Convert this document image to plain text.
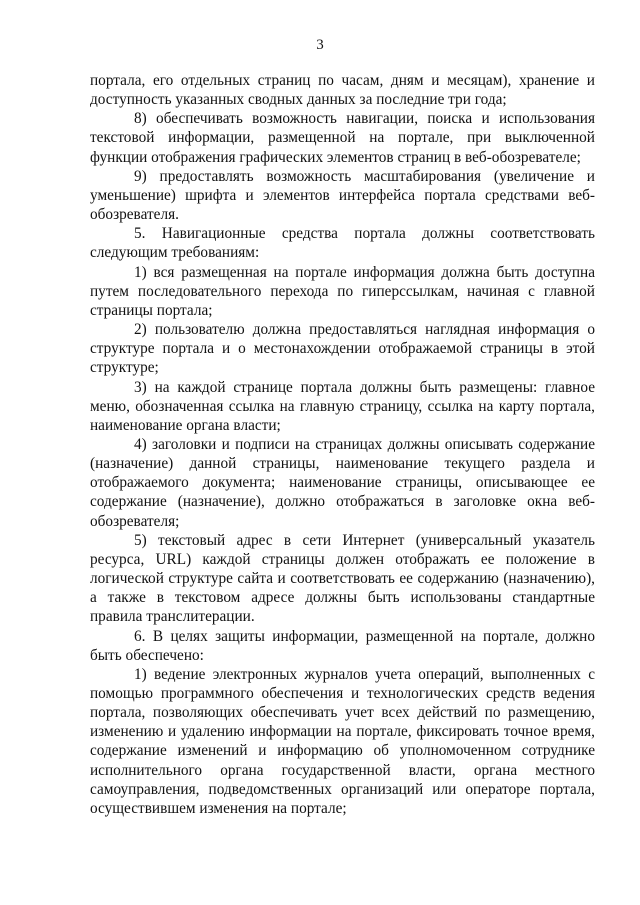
3

портала, его отдельных страниц по часам, дням и месяцам), хранение и доступность указанных сводных данных за последние три года;

8) обеспечивать возможность навигации, поиска и использования текстовой информации, размещенной на портале, при выключенной функции отображения графических элементов страниц в веб-обозревателе;

9) предоставлять возможность масштабирования (увеличение и уменьшение) шрифта и элементов интерфейса портала средствами веб-обозревателя.

5. Навигационные средства портала должны соответствовать следующим требованиям:

1) вся размещенная на портале информация должна быть доступна путем последовательного перехода по гиперссылкам, начиная с главной страницы портала;

2) пользователю должна предоставляться наглядная информация о структуре портала и о местонахождении отображаемой страницы в этой структуре;

3) на каждой странице портала должны быть размещены: главное меню, обозначенная ссылка на главную страницу, ссылка на карту портала, наименование органа власти;

4) заголовки и подписи на страницах должны описывать содержание (назначение) данной страницы, наименование текущего раздела и отображаемого документа; наименование страницы, описывающее ее содержание (назначение), должно отображаться в заголовке окна веб-обозревателя;

5) текстовый адрес в сети Интернет (универсальный указатель ресурса, URL) каждой страницы должен отображать ее положение в логической структуре сайта и соответствовать ее содержанию (назначению), а также в текстовом адресе должны быть использованы стандартные правила транслитерации.

6. В целях защиты информации, размещенной на портале, должно быть обеспечено:

1) ведение электронных журналов учета операций, выполненных с помощью программного обеспечения и технологических средств ведения портала, позволяющих обеспечивать учет всех действий по размещению, изменению и удалению информации на портале, фиксировать точное время, содержание изменений и информацию об уполномоченном сотруднике исполнительного органа государственной власти, органа местного самоуправления, подведомственных организаций или операторе портала, осуществившем изменения на портале;
